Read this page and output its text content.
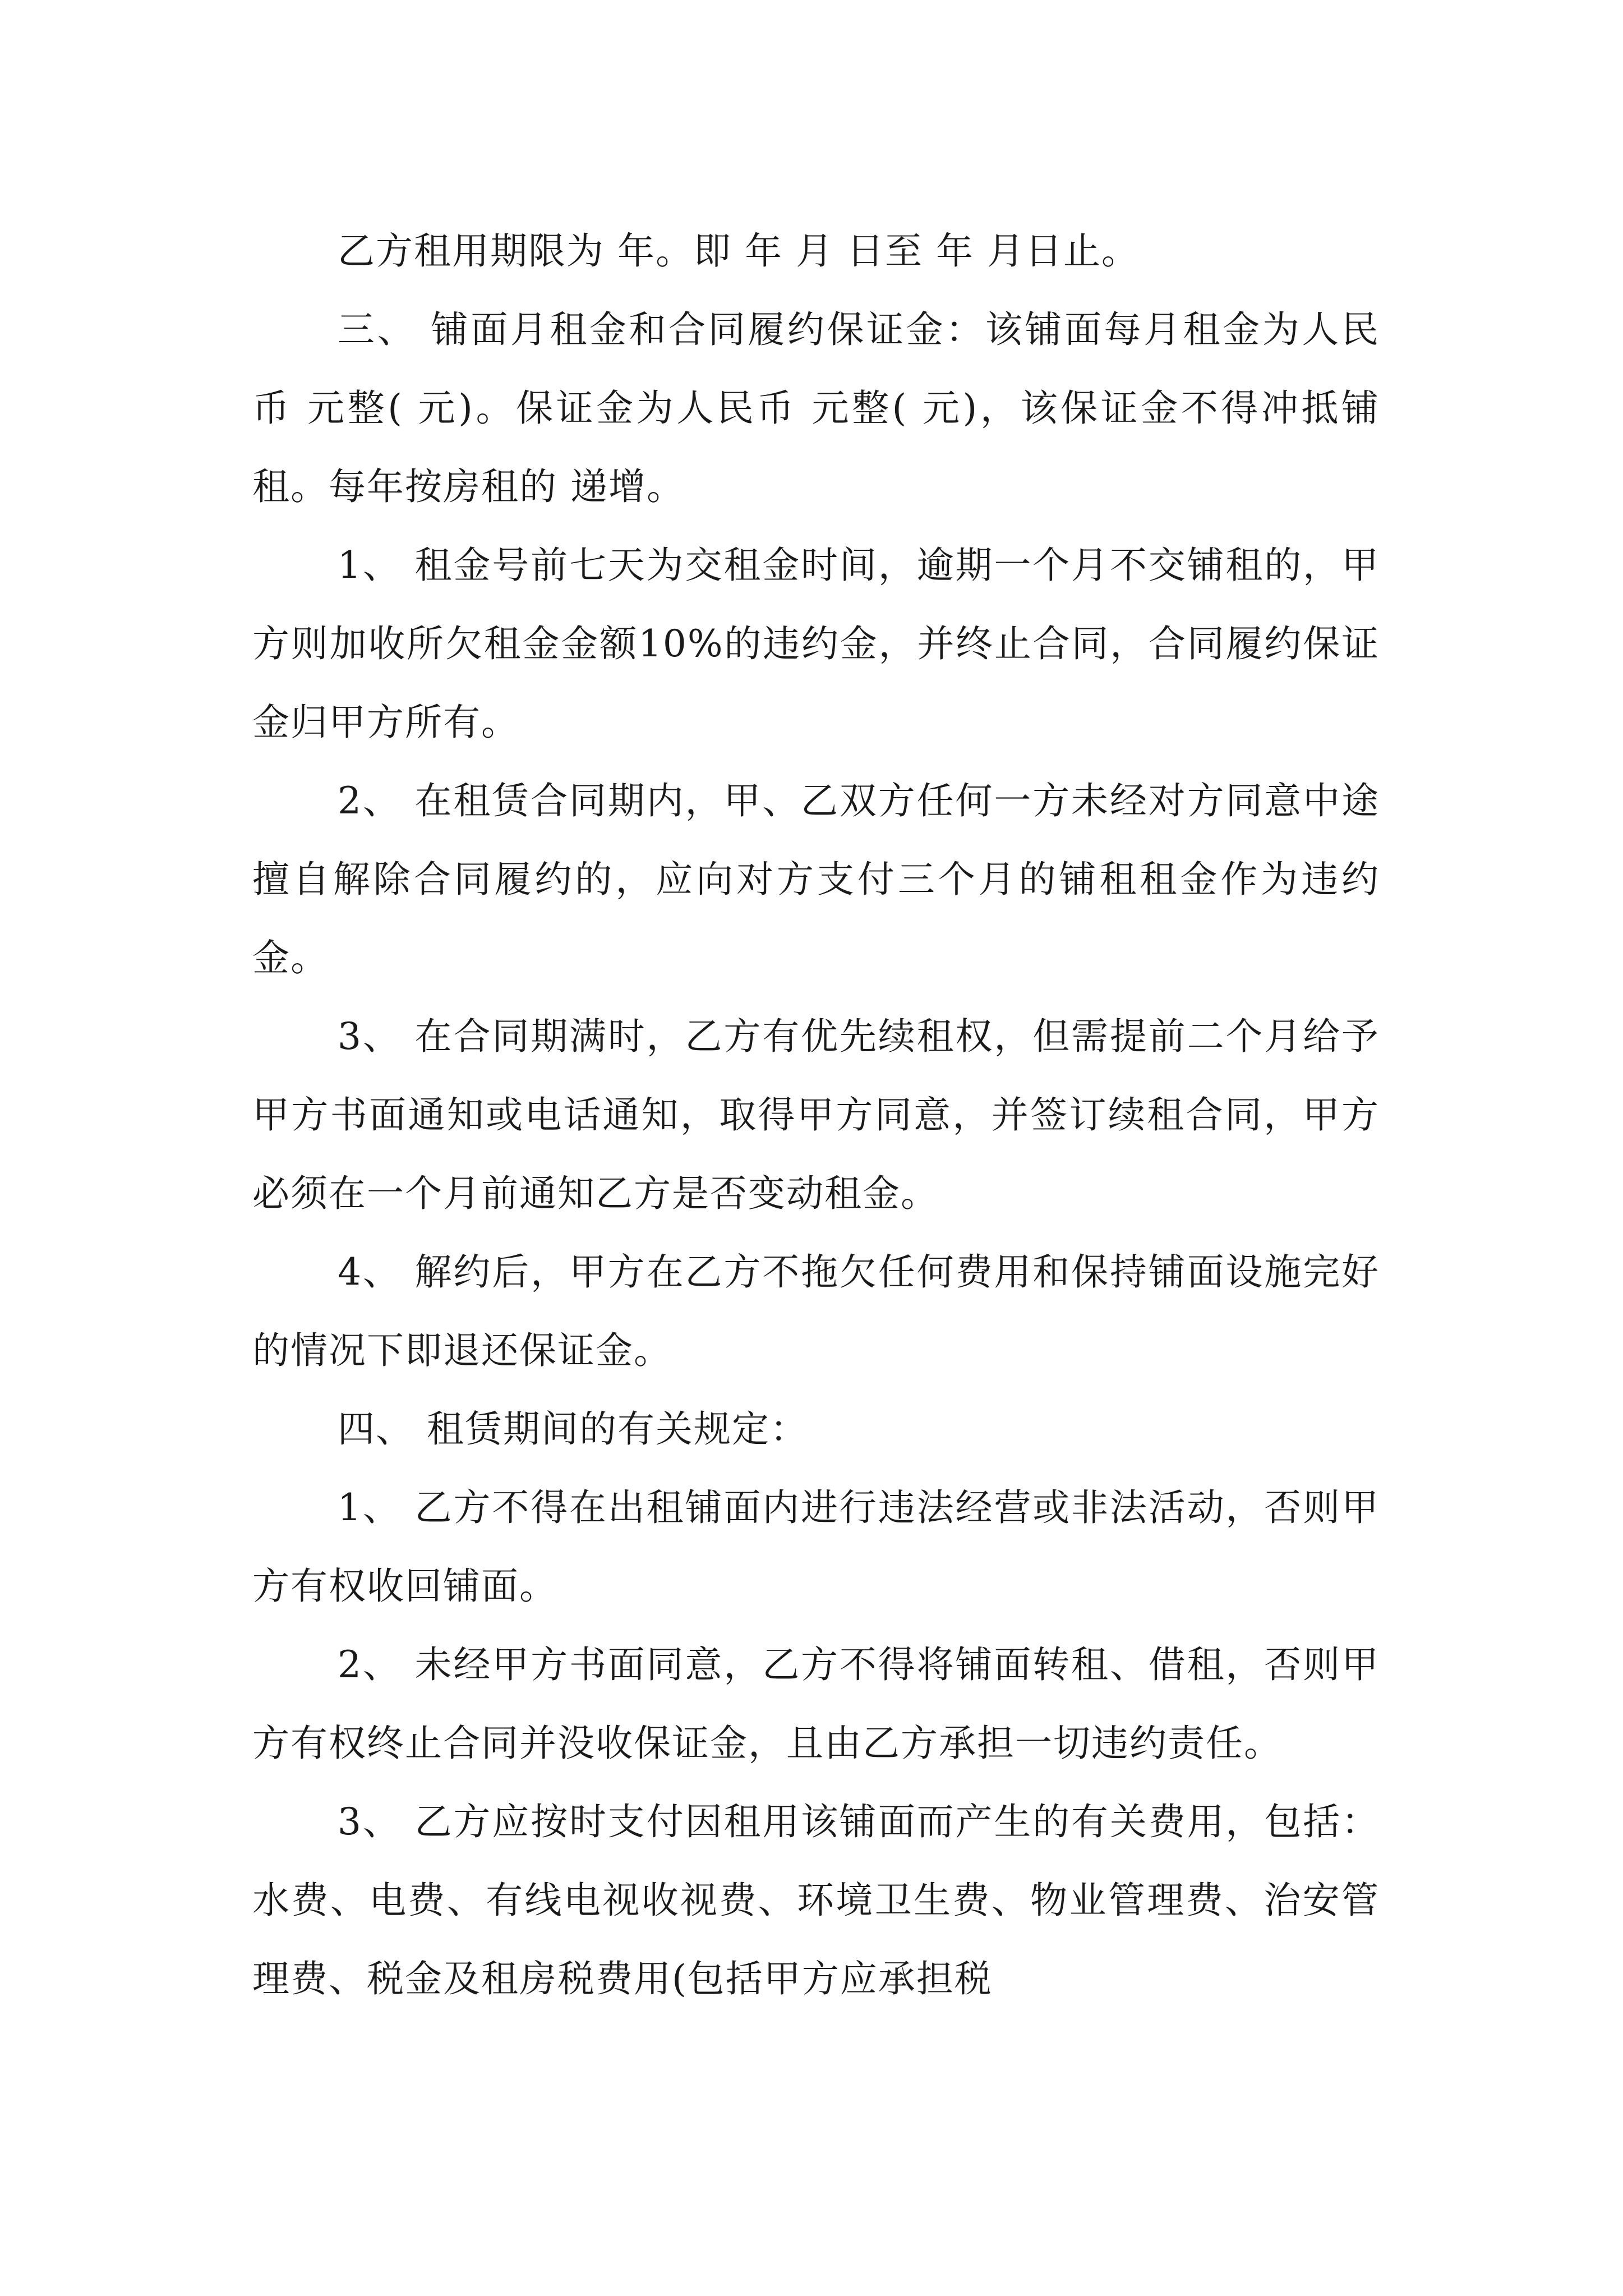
乙方租用期限为 年。即 年 月 日至 年 月日止。

三、 铺面月租金和合同履约保证金：该铺面每月租金为人民币 元整( 元)。保证金为人民币 元整( 元)，该保证金不得冲抵铺租。每年按房租的 递增。

1、 租金号前七天为交租金时间，逾期一个月不交铺租的，甲方则加收所欠租金金额10%的违约金，并终止合同，合同履约保证金归甲方所有。

2、 在租赁合同期内，甲、乙双方任何一方未经对方同意中途擅自解除合同履约的，应向对方支付三个月的铺租租金作为违约金。

3、 在合同期满时，乙方有优先续租权，但需提前二个月给予甲方书面通知或电话通知，取得甲方同意，并签订续租合同，甲方必须在一个月前通知乙方是否变动租金。

4、 解约后，甲方在乙方不拖欠任何费用和保持铺面设施完好的情况下即退还保证金。

四、 租赁期间的有关规定：

1、 乙方不得在出租铺面内进行违法经营或非法活动，否则甲方有权收回铺面。

2、 未经甲方书面同意，乙方不得将铺面转租、借租，否则甲方有权终止合同并没收保证金，且由乙方承担一切违约责任。

3、 乙方应按时支付因租用该铺面而产生的有关费用，包括：水费、电费、有线电视收视费、环境卫生费、物业管理费、治安管理费、税金及租房税费用(包括甲方应承担税
